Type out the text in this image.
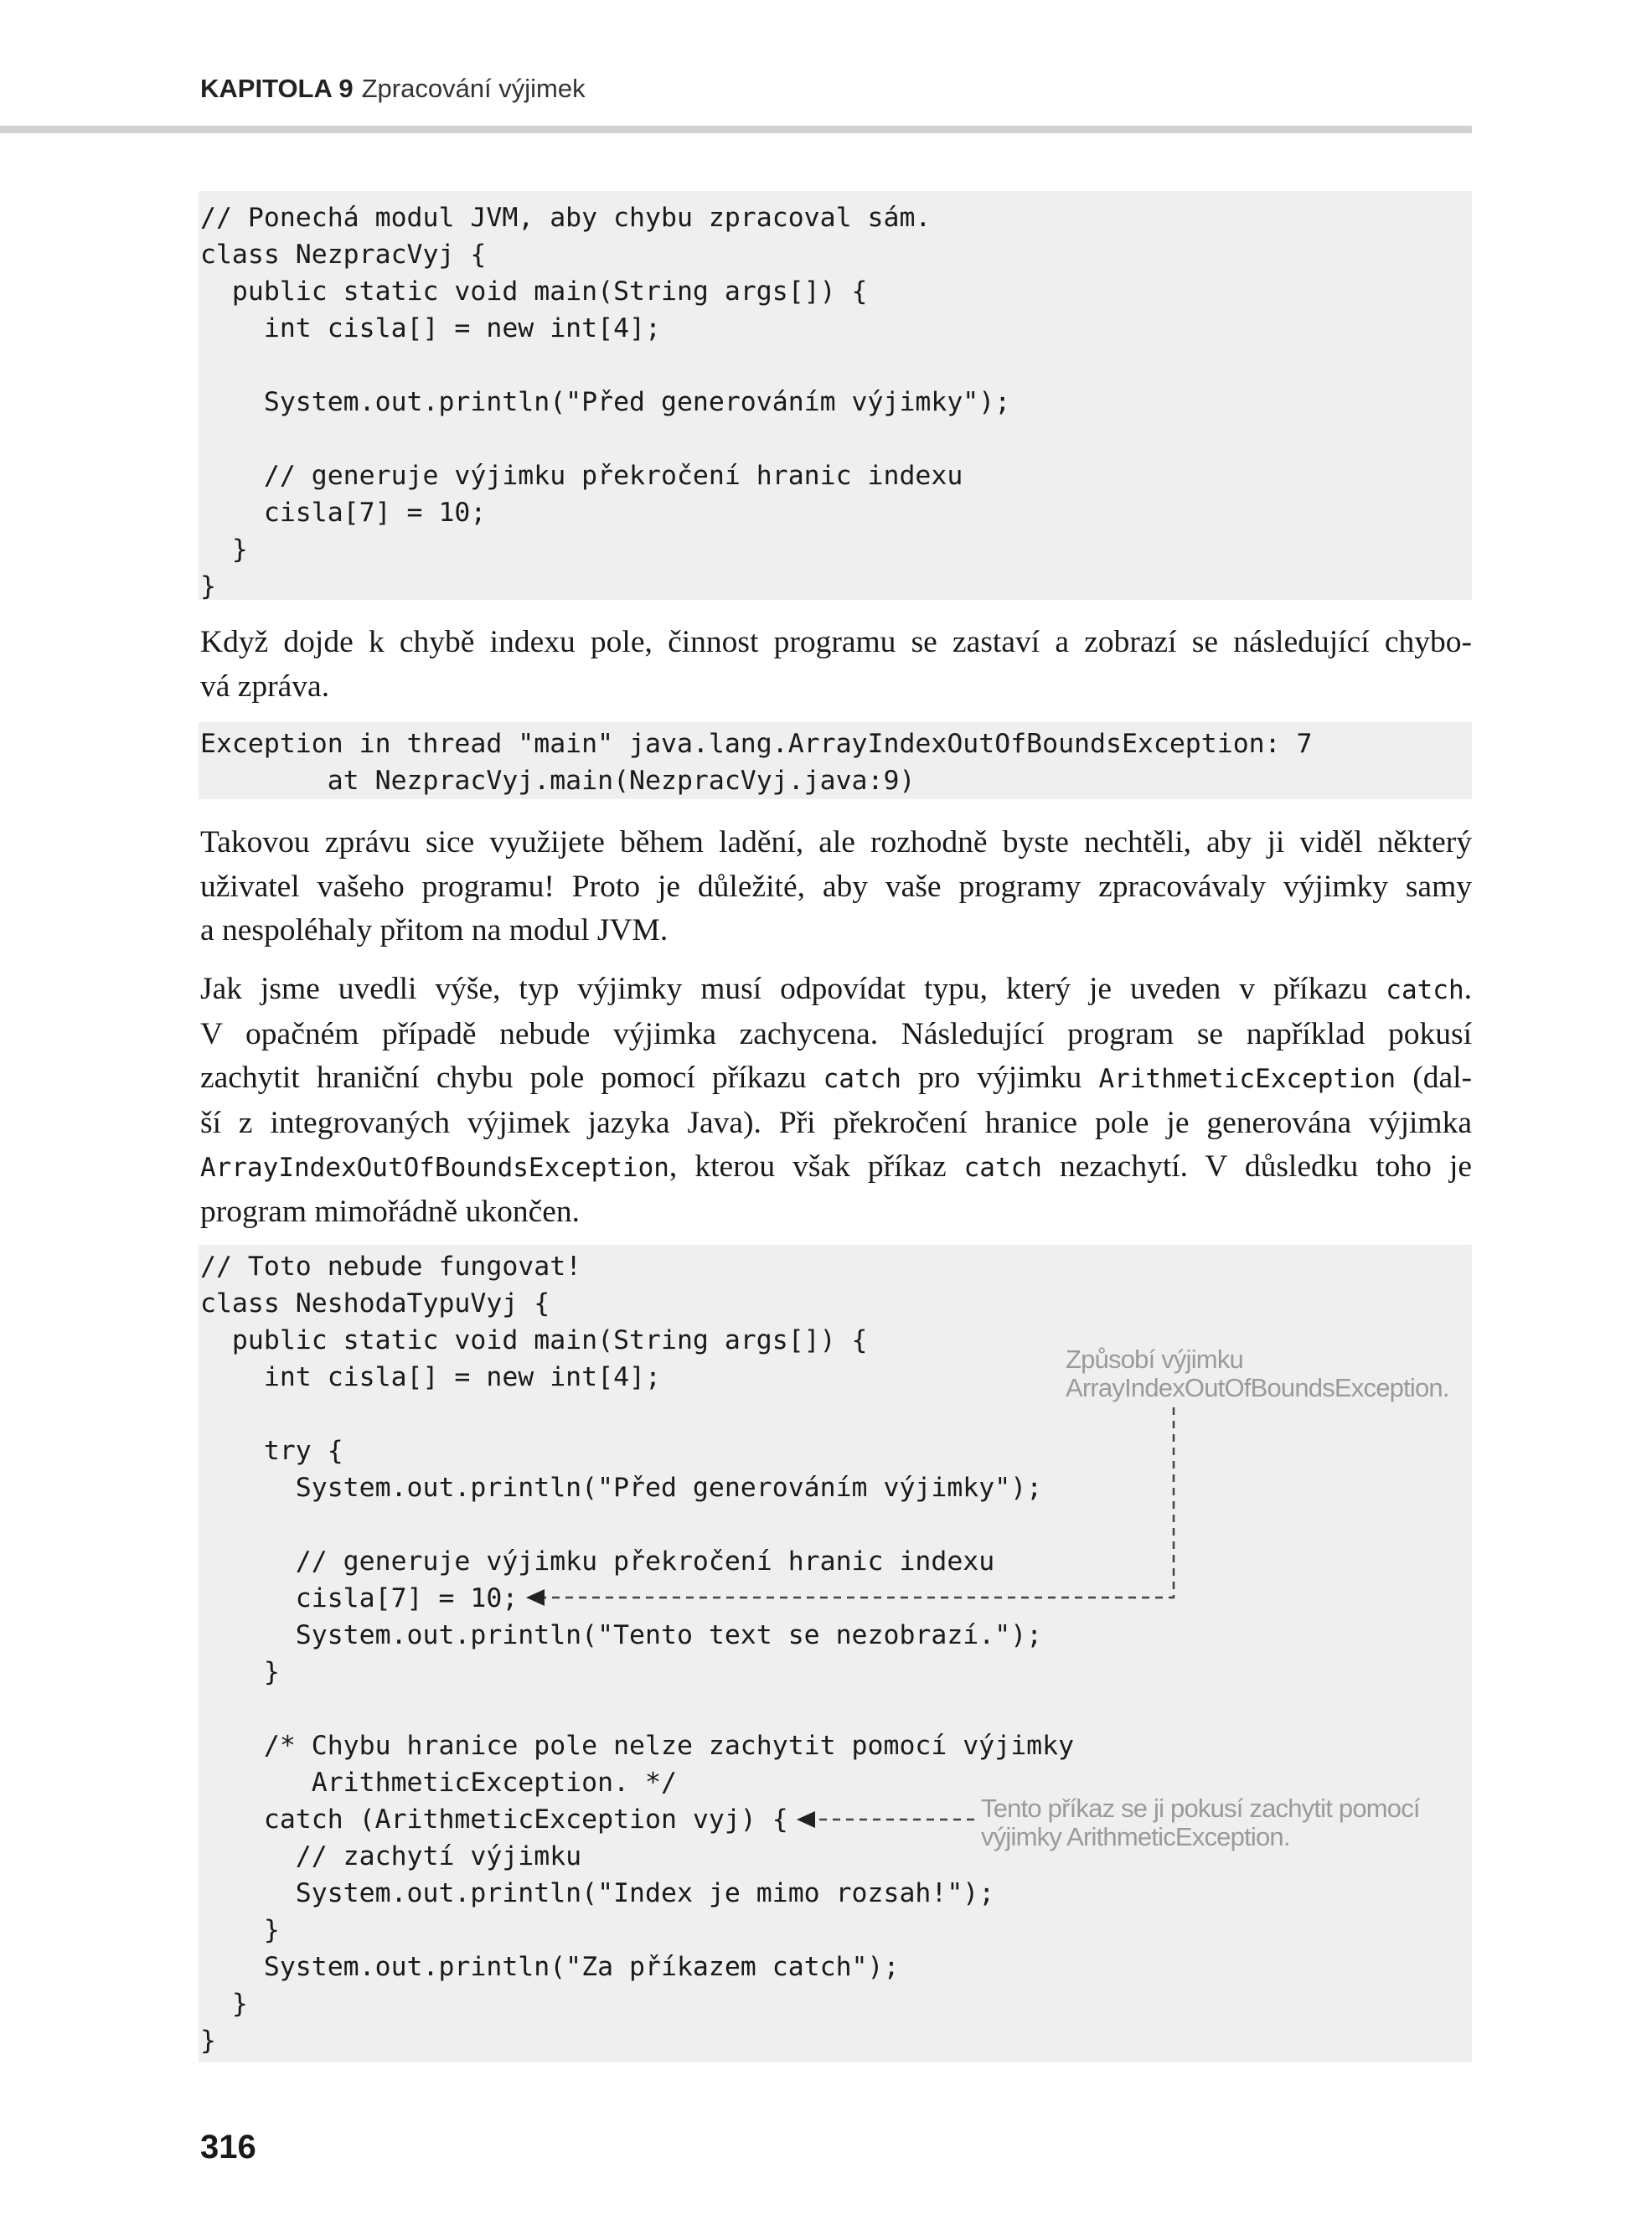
KAPITOLA 9 Zpracování výjimek
// Ponechá modul JVM, aby chybu zpracoval sám.
class NezpracVyj {
public static void main(String args[]) {
int cisla[] = new int[4];
System.out.println("Před generováním výjimky");
// generuje výjimku překročení hranic indexu
cisla[7] = 10;
}
}
Když dojde k chybě indexu pole, činnost programu se zastaví a zobrazí se následující chybo-
vá zpráva.
Exception in thread "main" java.lang.ArrayIndexOutOfBoundsException: 7
at NezpracVyj.main(NezpracVyj.java:9)
Takovou zprávu sice využijete během ladění, ale rozhodně byste nechtěli, aby ji viděl některý
uživatel vašeho programu! Proto je důležité, aby vaše programy zpracovávaly výjimky samy
a nespoléhaly přitom na modul JVM.
Jak jsme uvedli výše, typ výjimky musí odpovídat typu, který je uveden v příkazu catch.
V opačném případě nebude výjimka zachycena. Následující program se například pokusí
zachytit hraniční chybu pole pomocí příkazu catch pro výjimku ArithmeticException (dal-
ší z integrovaných výjimek jazyka Java). Při překročení hranice pole je generována výjimka
ArrayIndexOutOfBoundsException, kterou však příkaz catch nezachytí. V důsledku toho je
program mimořádně ukončen.
// Toto nebude fungovat!
class NeshodaTypuVyj {
public static void main(String args[]) {
int cisla[] = new int[4];
try {
System.out.println("Před generováním výjimky");
// generuje výjimku překročení hranic indexu
cisla[7] = 10;
System.out.println("Tento text se nezobrazí.");
}
/* Chybu hranice pole nelze zachytit pomocí výjimky
ArithmeticException. */
catch (ArithmeticException vyj) {
// zachytí výjimku
System.out.println("Index je mimo rozsah!");
}
System.out.println("Za příkazem catch");
}
}
Způsobí výjimku
ArrayIndexOutOfBoundsException.
Tento příkaz se ji pokusí zachytit pomocí
výjimky ArithmeticException.
316
